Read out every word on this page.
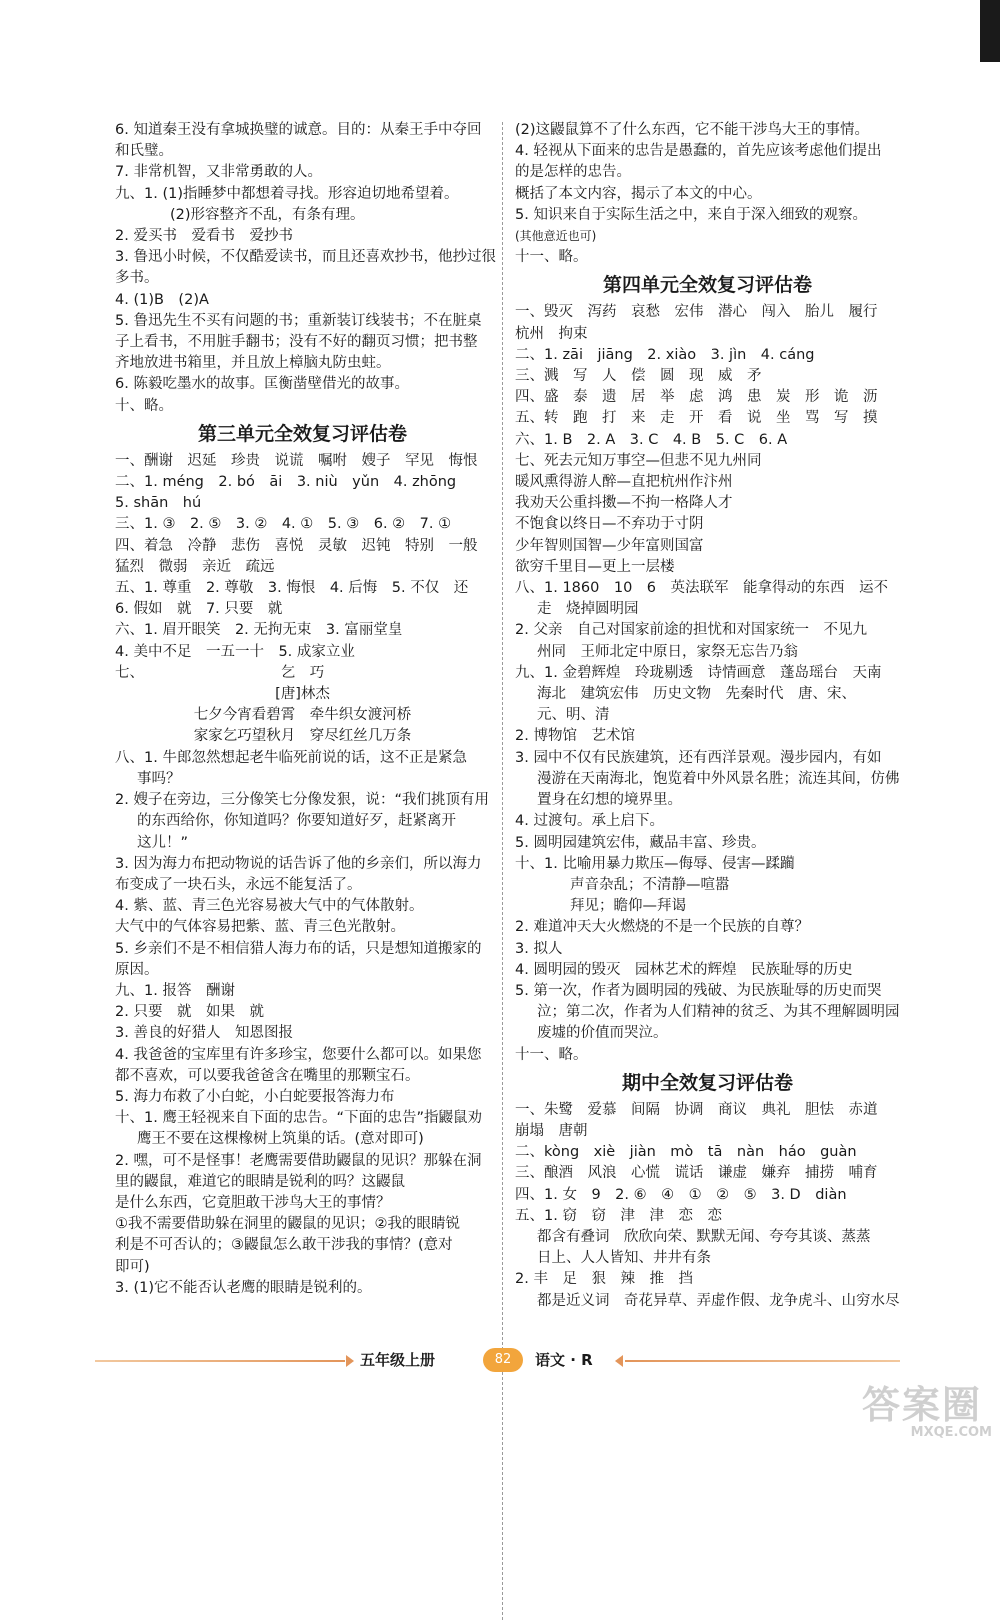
6. 知道秦王没有拿城换璧的诚意。目的：从秦王手中夺回
和氏璧。
7. 非常机智，又非常勇敢的人。
九、1. (1)指睡梦中都想着寻找。形容迫切地希望着。
(2)形容整齐不乱，有条有理。
2. 爱买书　爱看书　爱抄书
3. 鲁迅小时候，不仅酷爱读书，而且还喜欢抄书，他抄过很
多书。
4. (1)B　(2)A
5. 鲁迅先生不买有问题的书；重新装订线装书；不在脏桌
子上看书，不用脏手翻书；没有不好的翻页习惯；把书整
齐地放进书箱里，并且放上樟脑丸防虫蛀。
6. 陈毅吃墨水的故事。匡衡凿壁借光的故事。
十、略。
第三单元全效复习评估卷
一、酬谢　迟延　珍贵　说谎　嘱咐　嫂子　罕见　悔恨
二、1. méng　2. bó　āi　3. niù　yǔn　4. zhōng
5. shān　hú
三、1. ③　2. ⑤　3. ②　4. ①　5. ③　6. ②　7. ①
四、着急　冷静　悲伤　喜悦　灵敏　迟钝　特别　一般
猛烈　微弱　亲近　疏远
五、1. 尊重　2. 尊敬　3. 悔恨　4. 后悔　5. 不仅　还
6. 假如　就　7. 只要　就
六、1. 眉开眼笑　2. 无拘无束　3. 富丽堂皇
4. 美中不足　一五一十　5. 成家立业
七、	乞　巧
[唐]林杰
七夕今宵看碧霄　牵牛织女渡河桥
家家乞巧望秋月　穿尽红丝几万条
八、1. 牛郎忽然想起老牛临死前说的话，这不正是紧急
事吗？
2. 嫂子在旁边，三分像笑七分像发狠，说：“我们挑顶有用
的东西给你，你知道吗？你要知道好歹，赶紧离开
这儿！”
3. 因为海力布把动物说的话告诉了他的乡亲们，所以海力
布变成了一块石头，永远不能复活了。
4. 紫、蓝、青三色光容易被大气中的气体散射。
大气中的气体容易把紫、蓝、青三色光散射。
5. 乡亲们不是不相信猎人海力布的话，只是想知道搬家的
原因。
九、1. 报答　酬谢
2. 只要　就　如果　就
3. 善良的好猎人　知恩图报
4. 我爸爸的宝库里有许多珍宝，您要什么都可以。如果您
都不喜欢，可以要我爸爸含在嘴里的那颗宝石。
5. 海力布救了小白蛇，小白蛇要报答海力布
十、1. 鹰王轻视来自下面的忠告。“下面的忠告”指鼹鼠劝
鹰王不要在这棵橡树上筑巢的话。(意对即可)
2. 嘿，可不是怪事！老鹰需要借助鼹鼠的见识？那躲在洞
里的鼹鼠，难道它的眼睛是锐利的吗？这鼹鼠
是什么东西，它竟胆敢干涉鸟大王的事情？
①我不需要借助躲在洞里的鼹鼠的见识；②我的眼睛锐
利是不可否认的；③鼹鼠怎么敢干涉我的事情？(意对
即可)
3. (1)它不能否认老鹰的眼睛是锐利的。
(2)这鼹鼠算不了什么东西，它不能干涉鸟大王的事情。
4. 轻视从下面来的忠告是愚蠢的，首先应该考虑他们提出
的是怎样的忠告。
概括了本文内容，揭示了本文的中心。
5. 知识来自于实际生活之中，来自于深入细致的观察。
(其他意近也可)
十一、略。
第四单元全效复习评估卷
一、毁灭　泻药　哀愁　宏伟　潜心　闯入　胎儿　履行
杭州　拘束
二、1. zāi　jiāng　2. xiào　3. jìn　4. cáng
三、溅　写　人　偿　圆　现　威　矛
四、盛　泰　遗　居　举　虑　鸿　患　炭　形　诡　沥
五、转　跑　打　来　走　开　看　说　坐　骂　写　摸
六、1. B　2. A　3. C　4. B　5. C　6. A
七、死去元知万事空—但悲不见九州同
暖风熏得游人醉—直把杭州作汴州
我劝天公重抖擞—不拘一格降人才
不饱食以终日—不弃功于寸阴
少年智则国智—少年富则国富
欲穷千里目—更上一层楼
八、1. 1860　10　6　英法联军　能拿得动的东西　运不
走　烧掉圆明园
2. 父亲　自己对国家前途的担忧和对国家统一　不见九
州同　王师北定中原日，家祭无忘告乃翁
九、1. 金碧辉煌　玲珑剔透　诗情画意　蓬岛瑶台　天南
海北　建筑宏伟　历史文物　先秦时代　唐、宋、
元、明、清
2. 博物馆　艺术馆
3. 园中不仅有民族建筑，还有西洋景观。漫步园内，有如
漫游在天南海北，饱览着中外风景名胜；流连其间，仿佛
置身在幻想的境界里。
4. 过渡句。承上启下。
5. 圆明园建筑宏伟，藏品丰富、珍贵。
十、1. 比喻用暴力欺压—侮辱、侵害—蹂躏
声音杂乱；不清静—喧嚣
拜见；瞻仰—拜谒
2. 难道冲天大火燃烧的不是一个民族的自尊？
3. 拟人
4. 圆明园的毁灭　园林艺术的辉煌　民族耻辱的历史
5. 第一次，作者为圆明园的残破、为民族耻辱的历史而哭
泣；第二次，作者为人们精神的贫乏、为其不理解圆明园
废墟的价值而哭泣。
十一、略。
期中全效复习评估卷
一、朱鹭　爱慕　间隔　协调　商议　典礼　胆怯　赤道
崩塌　唐朝
二、kòng　xiè　jiàn　mò　tā　nàn　háo　guàn
三、酿酒　风浪　心慌　谎话　谦虚　嫌弃　捕捞　哺育
四、1. 女　9　2. ⑥　④　①　②　⑤　3. D　diàn
五、1. 窃　窃　津　津　恋　恋
都含有叠词　欣欣向荣、默默无闻、夸夸其谈、蒸蒸
日上、人人皆知、井井有条
2. 丰　足　狠　辣　推　挡
都是近义词　奇花异草、弄虚作假、龙争虎斗、山穷水尽
五年级上册	82	语文 · R
答案圈
MXQE.COM
